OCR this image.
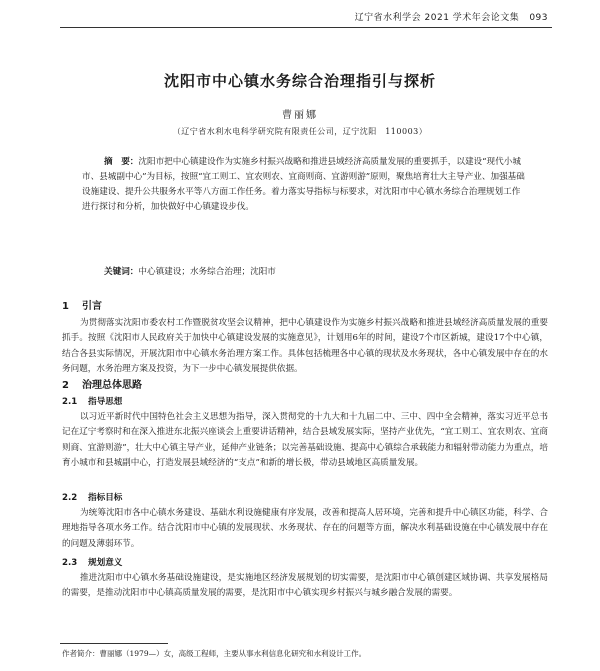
辽宁省水利学会 2021 学术年会论文集 093
沈阳市中心镇水务综合治理指引与探析
曹丽娜
（辽宁省水利水电科学研究院有限责任公司，辽宁沈阳　110003）

摘　要：沈阳市把中心镇建设作为实施乡村振兴战略和推进县域经济高质量发展的重要抓手，以建设“现代小城市、县城副中心”为目标，按照“宜工则工、宜农则农、宜商则商、宜游则游”原则，聚焦培育壮大主导产业、加强基础设施建设、提升公共服务水平等八方面工作任务。着力落实导指标与标要求，对沈阳市中心镇水务综合治理规划工作进行探讨和分析，加快做好中心镇建设步伐。

关键词：中心镇建设；水务综合治理；沈阳市
1 引言

为贯彻落实沈阳市委农村工作暨脱贫攻坚会议精神，把中心镇建设作为实施乡村振兴战略和推进县域经济高质量发展的重要抓手。按照《沈阳市人民政府关于加快中心镇建设发展的实施意见》，计划用6年的时间，建设7个市区新城，建设17个中心镇，结合各县实际情况，开展沈阳市中心镇水务治理方案工作。具体包括梳理各中心镇的现状及水务现状，各中心镇发展中存在的水务问题，水务治理方案及投资，为下一步中心镇发展提供依据。

2 治理总体思路
2.1 指导思想

以习近平新时代中国特色社会主义思想为指导，深入贯彻党的十九大和十九届二中、三中、四中全会精神，落实习近平总书记在辽宁考察时和在深入推进东北振兴座谈会上重要讲话精神，结合县域发展实际，坚持产业优先，“宜工则工、宜农则农、宜商则商、宜游则游”，壮大中心镇主导产业，延伸产业链条；以完善基础设施、提高中心镇综合承载能力和辐射带动能力为重点，培育小城市和县城副中心，打造发展县域经济的“支点”和新的增长极，带动县域地区高质量发展。

2.2 指标目标

为统筹沈阳市各中心镇水务建设、基础水利设施健康有序发展，改善和提高人居环境，完善和提升中心镇区功能，科学、合理地指导各项水务工作。结合沈阳市中心镇的发展现状、水务现状、存在的问题等方面，解决水利基础设施在中心镇发展中存在的问题及薄弱环节。

2.3 规划意义

推进沈阳市中心镇水务基础设施建设，是实施地区经济发展规划的切实需要，是沈阳市中心镇创建区域协调、共享发展格局的需要，是推动沈阳市中心镇高质量发展的需要，是沈阳市中心镇实现乡村振兴与城乡融合发展的需要。

作者简介：曹丽娜（1979—）女，高级工程师，主要从事水利信息化研究和水利设计工作。
